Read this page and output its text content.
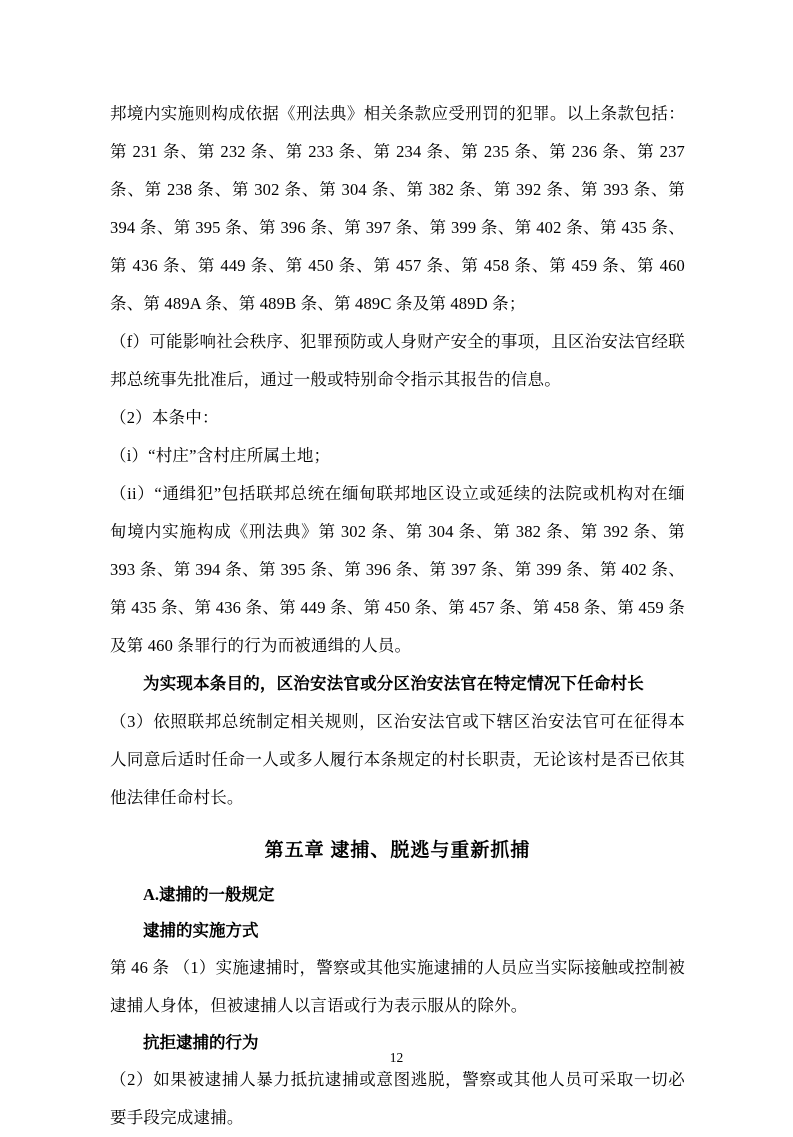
邦境内实施则构成依据《刑法典》相关条款应受刑罚的犯罪。以上条款包括：第 231 条、第 232 条、第 233 条、第 234 条、第 235 条、第 236 条、第 237 条、第 238 条、第 302 条、第 304 条、第 382 条、第 392 条、第 393 条、第 394 条、第 395 条、第 396 条、第 397 条、第 399 条、第 402 条、第 435 条、第 436 条、第 449 条、第 450 条、第 457 条、第 458 条、第 459 条、第 460 条、第 489A 条、第 489B 条、第 489C 条及第 489D 条；

（f）可能影响社会秩序、犯罪预防或人身财产安全的事项，且区治安法官经联邦总统事先批准后，通过一般或特别命令指示其报告的信息。

（2）本条中：

（i）“村庄”含村庄所属土地；

（ii）“通缉犯”包括联邦总统在缅甸联邦地区设立或延续的法院或机构对在缅甸境内实施构成《刑法典》第 302 条、第 304 条、第 382 条、第 392 条、第 393 条、第 394 条、第 395 条、第 396 条、第 397 条、第 399 条、第 402 条、第 435 条、第 436 条、第 449 条、第 450 条、第 457 条、第 458 条、第 459 条及第 460 条罪行的行为而被通缉的人员。

为实现本条目的，区治安法官或分区治安法官在特定情况下任命村长

（3）依照联邦总统制定相关规则，区治安法官或下辖区治安法官可在征得本人同意后适时任命一人或多人履行本条规定的村长职责，无论该村是否已依其他法律任命村长。

第五章 逮捕、脱逃与重新抓捕
A.逮捕的一般规定
逮捕的实施方式

第 46 条 （1）实施逮捕时，警察或其他实施逮捕的人员应当实际接触或控制被逮捕人身体，但被逮捕人以言语或行为表示服从的除外。

抗拒逮捕的行为

（2）如果被逮捕人暴力抵抗逮捕或意图逃脱，警察或其他人员可采取一切必要手段完成逮捕。

12
